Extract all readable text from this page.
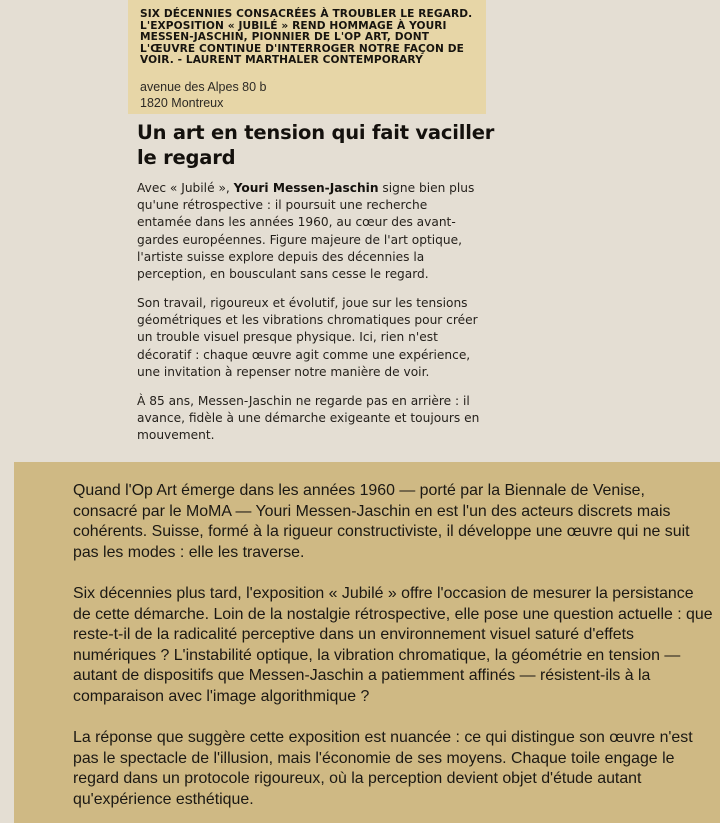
SIX DÉCENNIES CONSACRÉES À TROUBLER LE REGARD. L'EXPOSITION « JUBILÉ » REND HOMMAGE À YOURI MESSEN-JASCHIN, PIONNIER DE L'OP ART, DONT L'ŒUVRE CONTINUE D'INTERROGER NOTRE FAÇON DE VOIR. - LAURENT MARTHALER CONTEMPORARY

avenue des Alpes 80 b
1820 Montreux

Un art en tension qui fait vaciller le regard

Avec « Jubilé », Youri Messen-Jaschin signe bien plus qu'une rétrospective : il poursuit une recherche entamée dans les années 1960, au cœur des avant-gardes européennes. Figure majeure de l'art optique, l'artiste suisse explore depuis des décennies la perception, en bousculant sans cesse le regard.

Son travail, rigoureux et évolutif, joue sur les tensions géométriques et les vibrations chromatiques pour créer un trouble visuel presque physique. Ici, rien n'est décoratif : chaque œuvre agit comme une expérience, une invitation à repenser notre manière de voir.

À 85 ans, Messen-Jaschin ne regarde pas en arrière : il avance, fidèle à une démarche exigeante et toujours en mouvement.

Quand l'Op Art émerge dans les années 1960 — porté par la Biennale de Venise, consacré par le MoMA — Youri Messen-Jaschin en est l'un des acteurs discrets mais cohérents. Suisse, formé à la rigueur constructiviste, il développe une œuvre qui ne suit pas les modes : elle les traverse.

Six décennies plus tard, l'exposition « Jubilé » offre l'occasion de mesurer la persistance de cette démarche. Loin de la nostalgie rétrospective, elle pose une question actuelle : que reste-t-il de la radicalité perceptive dans un environnement visuel saturé d'effets numériques ? L'instabilité optique, la vibration chromatique, la géométrie en tension — autant de dispositifs que Messen-Jaschin a patiemment affinés — résistent-ils à la comparaison avec l'image algorithmique ?

La réponse que suggère cette exposition est nuancée : ce qui distingue son œuvre n'est pas le spectacle de l'illusion, mais l'économie de ses moyens. Chaque toile engage le regard dans un protocole rigoureux, où la perception devient objet d'étude autant qu'expérience esthétique.
